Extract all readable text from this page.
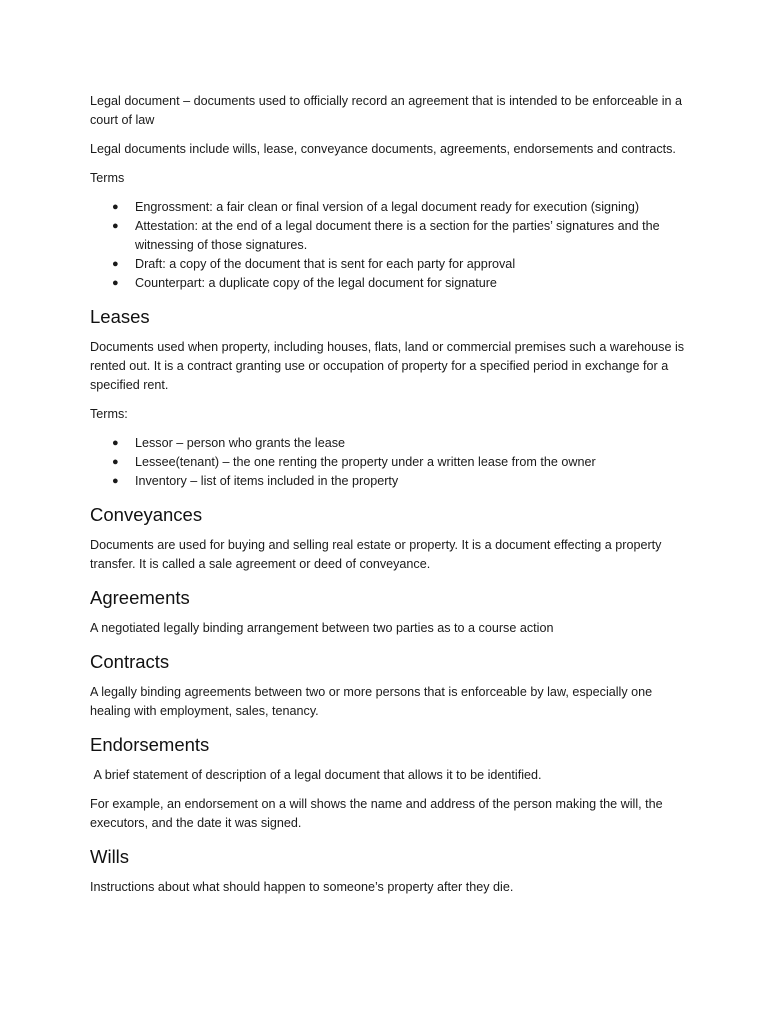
Legal document – documents used to officially record an agreement that is intended to be enforceable in a court of law

Legal documents include wills, lease, conveyance documents, agreements, endorsements and contracts.

Terms

● Engrossment: a fair clean or final version of a legal document ready for execution (signing)
● Attestation: at the end of a legal document there is a section for the parties’ signatures and the witnessing of those signatures.
● Draft: a copy of the document that is sent for each party for approval
● Counterpart: a duplicate copy of the legal document for signature
Leases

Documents used when property, including houses, flats, land or commercial premises such a warehouse is rented out. It is a contract granting use or occupation of property for a specified period in exchange for a specified rent.

Terms:

● Lessor – person who grants the lease
● Lessee(tenant) – the one renting the property under a written lease from the owner
● Inventory – list of items included in the property
Conveyances

Documents are used for buying and selling real estate or property. It is a document effecting a property transfer. It is called a sale agreement or deed of conveyance.

Agreements

A negotiated legally binding arrangement between two parties as to a course action

Contracts

A legally binding agreements between two or more persons that is enforceable by law, especially one healing with employment, sales, tenancy.

Endorsements

A brief statement of description of a legal document that allows it to be identified.

For example, an endorsement on a will shows the name and address of the person making the will, the executors, and the date it was signed.

Wills

Instructions about what should happen to someone’s property after they die.
